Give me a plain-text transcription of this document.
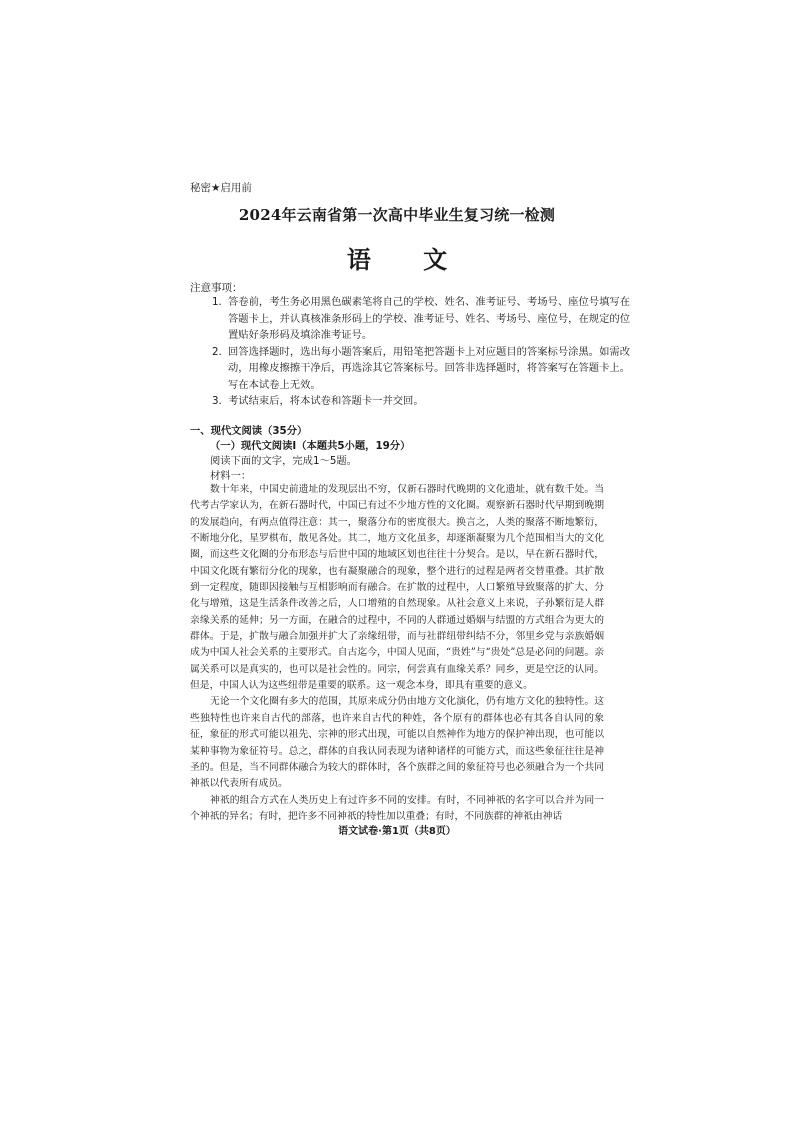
秘密★启用前
2024年云南省第一次高中毕业生复习统一检测
语 文
注意事项：
1. 答卷前，考生务必用黑色碳素笔将自己的学校、姓名、准考证号、考场号、座位号填写在答题卡上，并认真核准条形码上的学校、准考证号、姓名、考场号、座位号，在规定的位置贴好条形码及填涂准考证号。
2. 回答选择题时，选出每小题答案后，用铅笔把答题卡上对应题目的答案标号涂黑。如需改动，用橡皮擦擦干净后，再选涂其它答案标号。回答非选择题时，将答案写在答题卡上。写在本试卷上无效。
3. 考试结束后，将本试卷和答题卡一并交回。
一、现代文阅读（35分）
（一）现代文阅读Ⅰ（本题共5小题，19分）
阅读下面的文字，完成1～5题。
材料一：

数十年来，中国史前遗址的发现层出不穷，仅新石器时代晚期的文化遗址，就有数千处。当代考古学家认为，在新石器时代，中国已有过不少地方性的文化圈。观察新石器时代早期到晚期的发展趋向，有两点值得注意：其一，聚落分布的密度很大。换言之，人类的聚落不断地繁衍，不断地分化，星罗棋布，散见各处。其二，地方文化虽多，却逐渐凝聚为几个范围相当大的文化圈，而这些文化圈的分布形态与后世中国的地域区划也往往十分契合。是以，早在新石器时代，中国文化既有繁衍分化的现象，也有凝聚融合的现象，整个进行的过程是两者交替重叠。其扩散到一定程度，随即因接触与互相影响而有融合。在扩散的过程中，人口繁殖导致聚落的扩大、分化与增殖，这是生活条件改善之后，人口增殖的自然现象。从社会意义上来说，子孙繁衍是人群亲缘关系的延伸；另一方面，在融合的过程中，不同的人群通过婚姻与结盟的方式组合为更大的群体。于是，扩散与融合加强并扩大了亲缘纽带，而与社群纽带纠结不分，邻里乡党与亲族婚姻成为中国人社会关系的主要形式。自古迄今，中国人见面，“贵姓”与“贵处”总是必问的问题。亲属关系可以是真实的，也可以是社会性的。同宗，何尝真有血缘关系？同乡，更是空泛的认同。但是，中国人认为这些纽带是重要的联系。这一观念本身，即具有重要的意义。

无论一个文化圈有多大的范围，其原来成分仍由地方文化演化，仍有地方文化的独特性。这些独特性也许来自古代的部落，也许来自古代的种姓，各个原有的群体也必有其各自认同的象征，象征的形式可能以祖先、宗神的形式出现，可能以自然神作为地方的保护神出现，也可能以某种事物为象征符号。总之，群体的自我认同表现为诸种诸样的可能方式，而这些象征往往是神圣的。但是，当不同群体融合为较大的群体时，各个族群之间的象征符号也必须融合为一个共同神祇以代表所有成员。

神祇的组合方式在人类历史上有过许多不同的安排。有时，不同神祇的名字可以合并为同一个神祇的异名；有时，把许多不同神祇的特性加以重叠；有时，不同族群的神祇由神话

语文试卷·第1页（共8页）
